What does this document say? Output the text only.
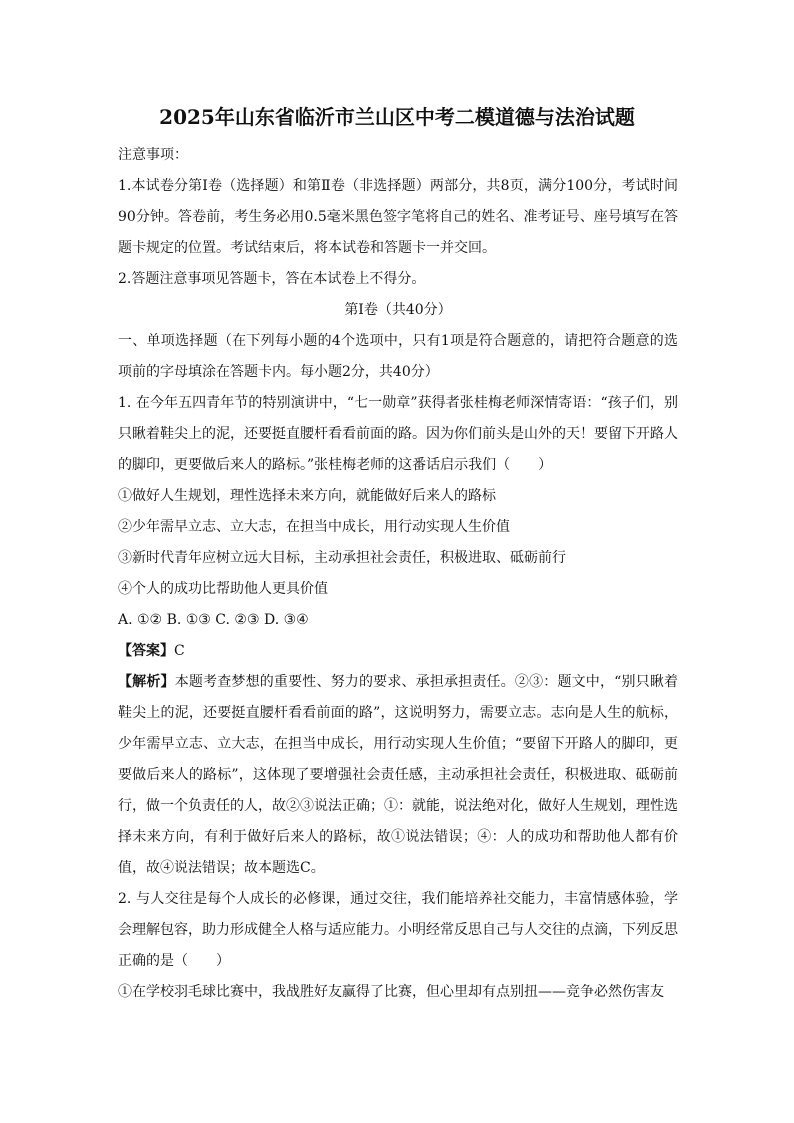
2025年山东省临沂市兰山区中考二模道德与法治试题

注意事项：

1.本试卷分第Ⅰ卷（选择题）和第Ⅱ卷（非选择题）两部分，共8页，满分100分，考试时间90分钟。答卷前，考生务必用0.5毫米黑色签字笔将自己的姓名、准考证号、座号填写在答题卡规定的位置。考试结束后，将本试卷和答题卡一并交回。

2.答题注意事项见答题卡，答在本试卷上不得分。

第Ⅰ卷（共40分）

一、单项选择题（在下列每小题的4个选项中，只有1项是符合题意的，请把符合题意的选项前的字母填涂在答题卡内。每小题2分，共40分）

1. 在今年五四青年节的特别演讲中，“七一勋章”获得者张桂梅老师深情寄语：“孩子们，别只瞅着鞋尖上的泥，还要挺直腰杆看看前面的路。因为你们前头是山外的天！要留下开路人的脚印，更要做后来人的路标。”张桂梅老师的这番话启示我们（　　）

①做好人生规划，理性选择未来方向，就能做好后来人的路标

②少年需早立志、立大志，在担当中成长，用行动实现人生价值

③新时代青年应树立远大目标，主动承担社会责任，积极进取、砥砺前行

④个人的成功比帮助他人更具价值

A. ①② B. ①③ C. ②③ D. ③④

【答案】C

【解析】本题考查梦想的重要性、努力的要求、承担承担责任。②③：题文中，“别只瞅着鞋尖上的泥，还要挺直腰杆看看前面的路”，这说明努力，需要立志。志向是人生的航标，少年需早立志、立大志，在担当中成长，用行动实现人生价值；“要留下开路人的脚印，更要做后来人的路标”，这体现了要增强社会责任感，主动承担社会责任，积极进取、砥砺前行，做一个负责任的人，故②③说法正确；①：就能，说法绝对化，做好人生规划，理性选择未来方向，有利于做好后来人的路标，故①说法错误；④：人的成功和帮助他人都有价值，故④说法错误；故本题选C。

2. 与人交往是每个人成长的必修课，通过交往，我们能培养社交能力，丰富情感体验，学会理解包容，助力形成健全人格与适应能力。小明经常反思自己与人交往的点滴，下列反思正确的是（　　）

①在学校羽毛球比赛中，我战胜好友赢得了比赛，但心里却有点别扭——竞争必然伤害友
